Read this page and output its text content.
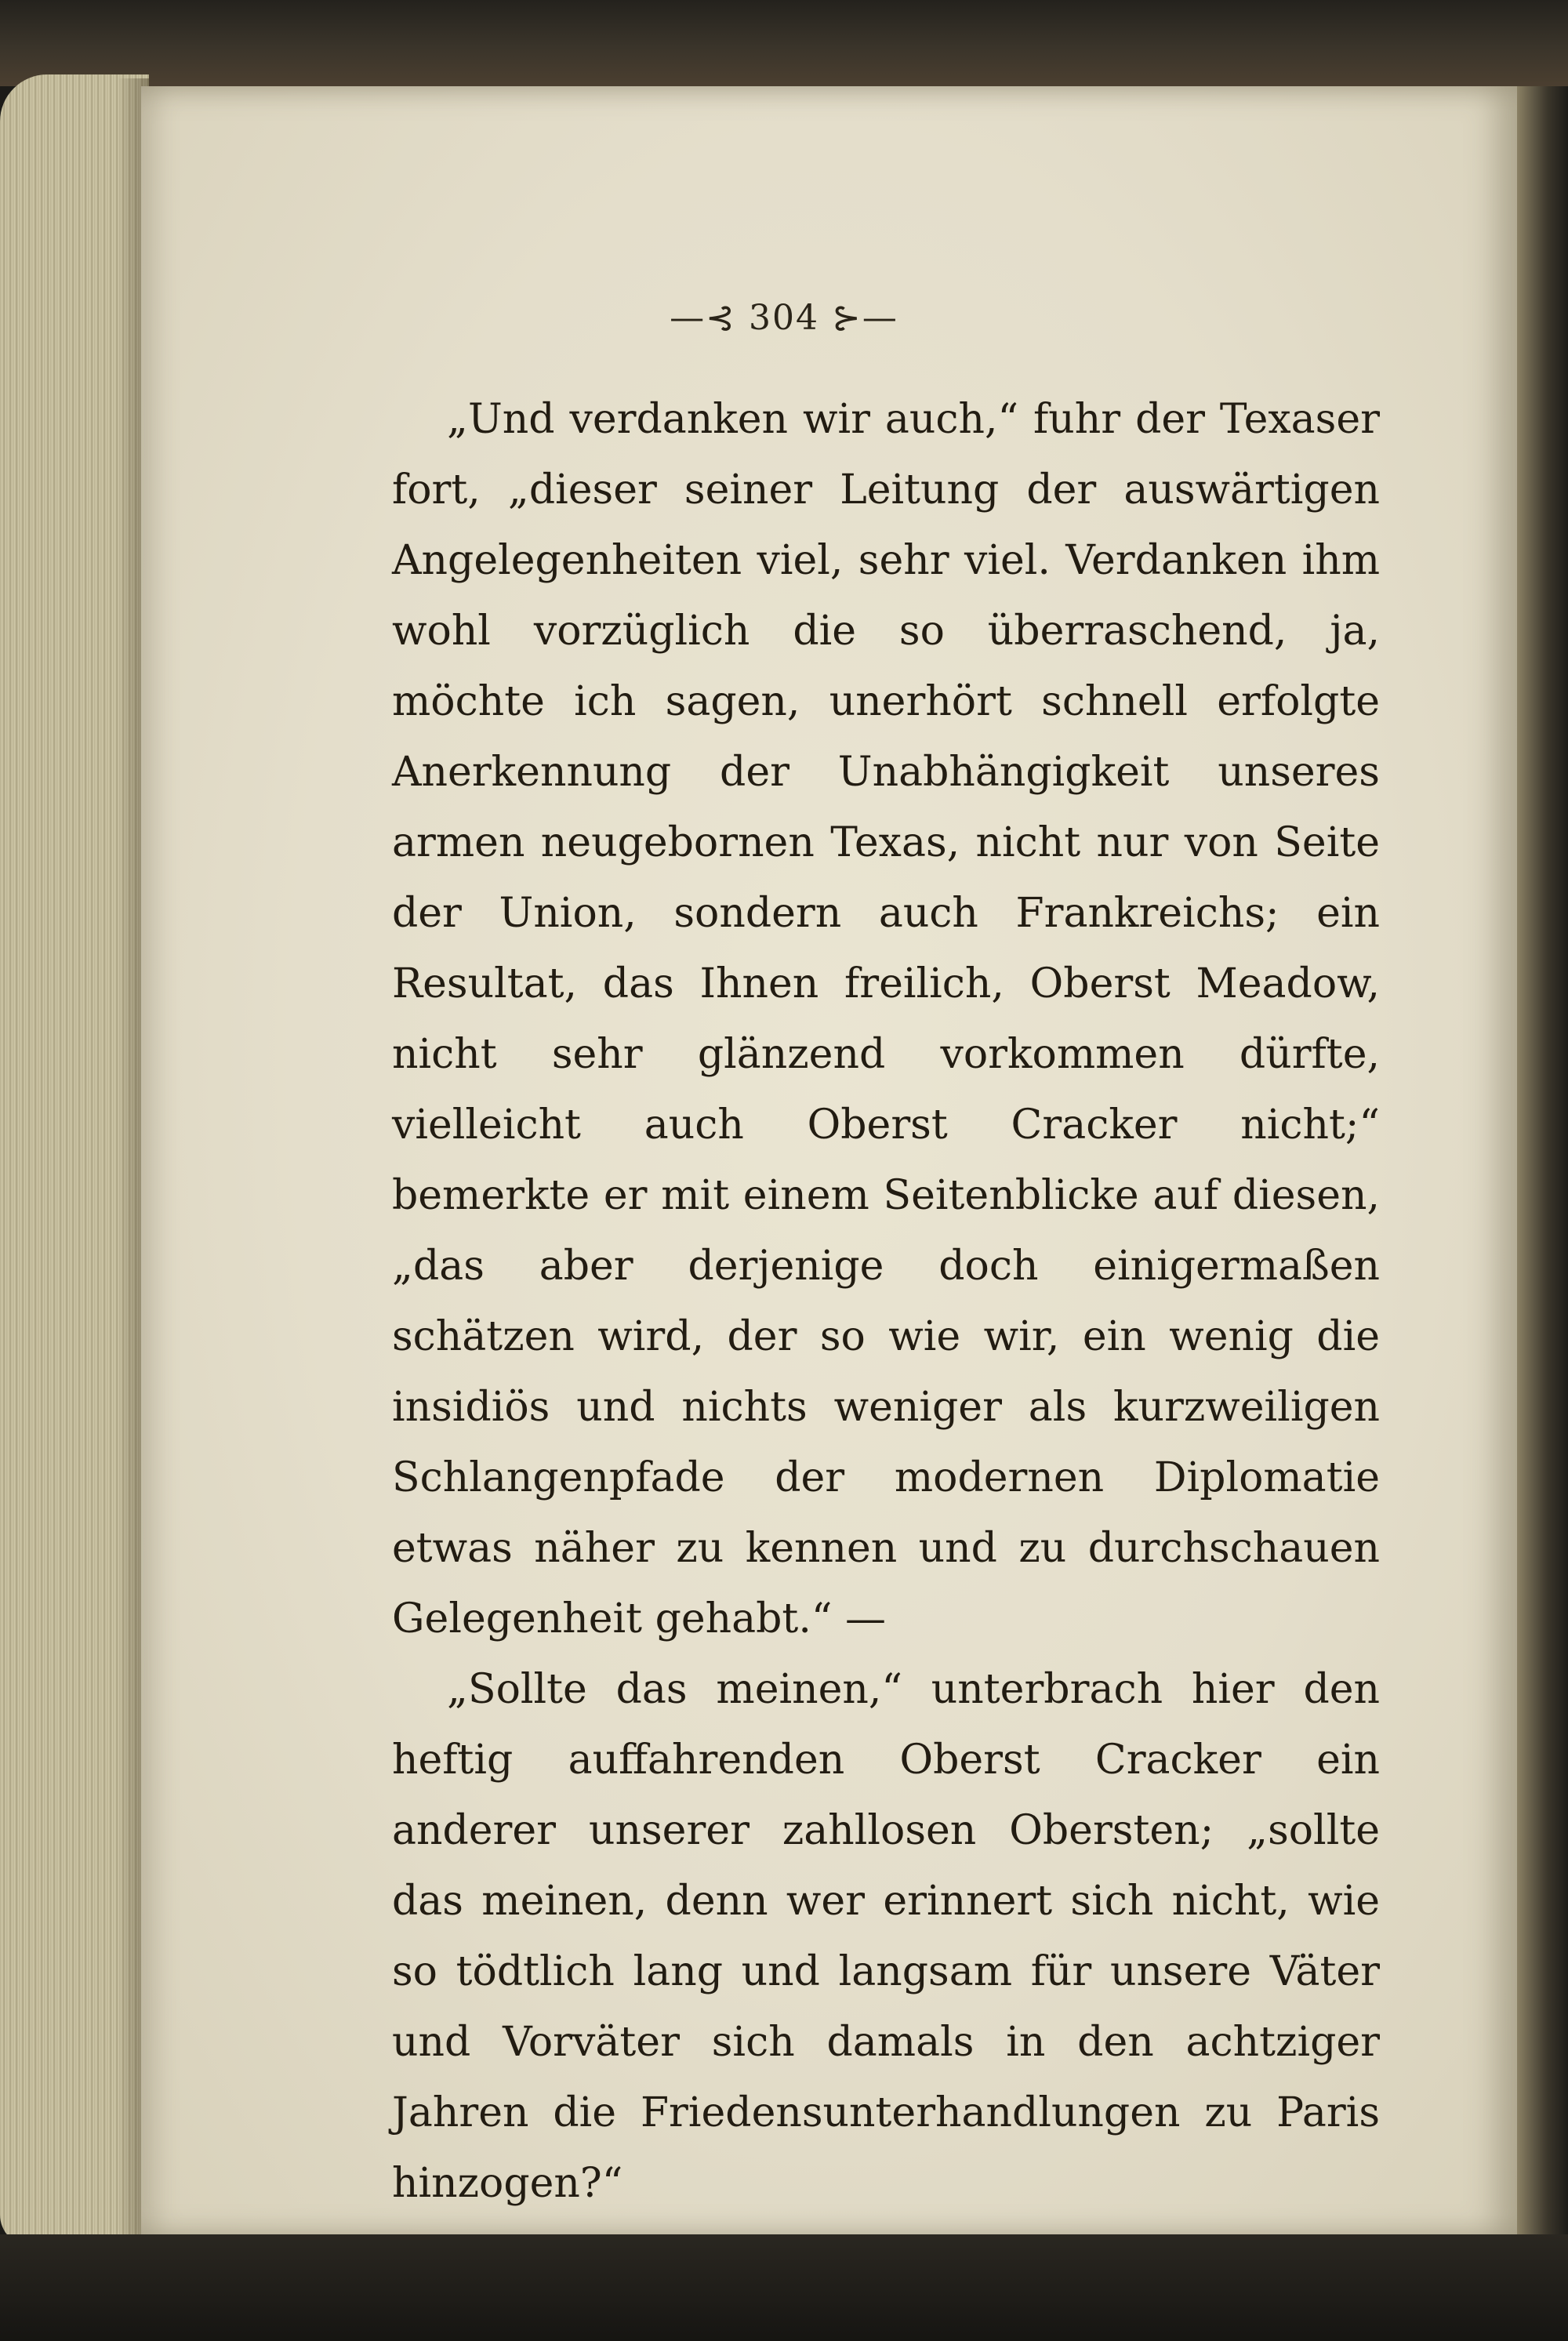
—⊰ 304 ⊱—

„Und verdanken wir auch,“ fuhr der Texaser fort, „dieser seiner Leitung der auswärtigen Angelegenheiten viel, sehr viel. Verdanken ihm wohl vorzüglich die so überraschend, ja, möchte ich sagen, unerhört schnell erfolgte Anerkennung der Unabhängigkeit unseres armen neugebornen Texas, nicht nur von Seite der Union, sondern auch Frankreichs; ein Resultat, das Ihnen freilich, Oberst Meadow, nicht sehr glänzend vorkommen dürfte, vielleicht auch Oberst Cracker nicht;“ bemerkte er mit einem Seitenblicke auf diesen, „das aber derjenige doch einigermaßen schätzen wird, der so wie wir, ein wenig die insidiös und nichts weniger als kurzweiligen Schlangenpfade der modernen Diplomatie etwas näher zu kennen und zu durchschauen Gelegenheit gehabt.“ —

„Sollte das meinen,“ unterbrach hier den heftig auffahrenden Oberst Cracker ein anderer unserer zahllosen Obersten; „sollte das meinen, denn wer erinnert sich nicht, wie so tödtlich lang und langsam für unsere Väter und Vorväter sich damals in den achtziger Jahren die Friedensunterhandlungen zu Paris hinzogen?“
